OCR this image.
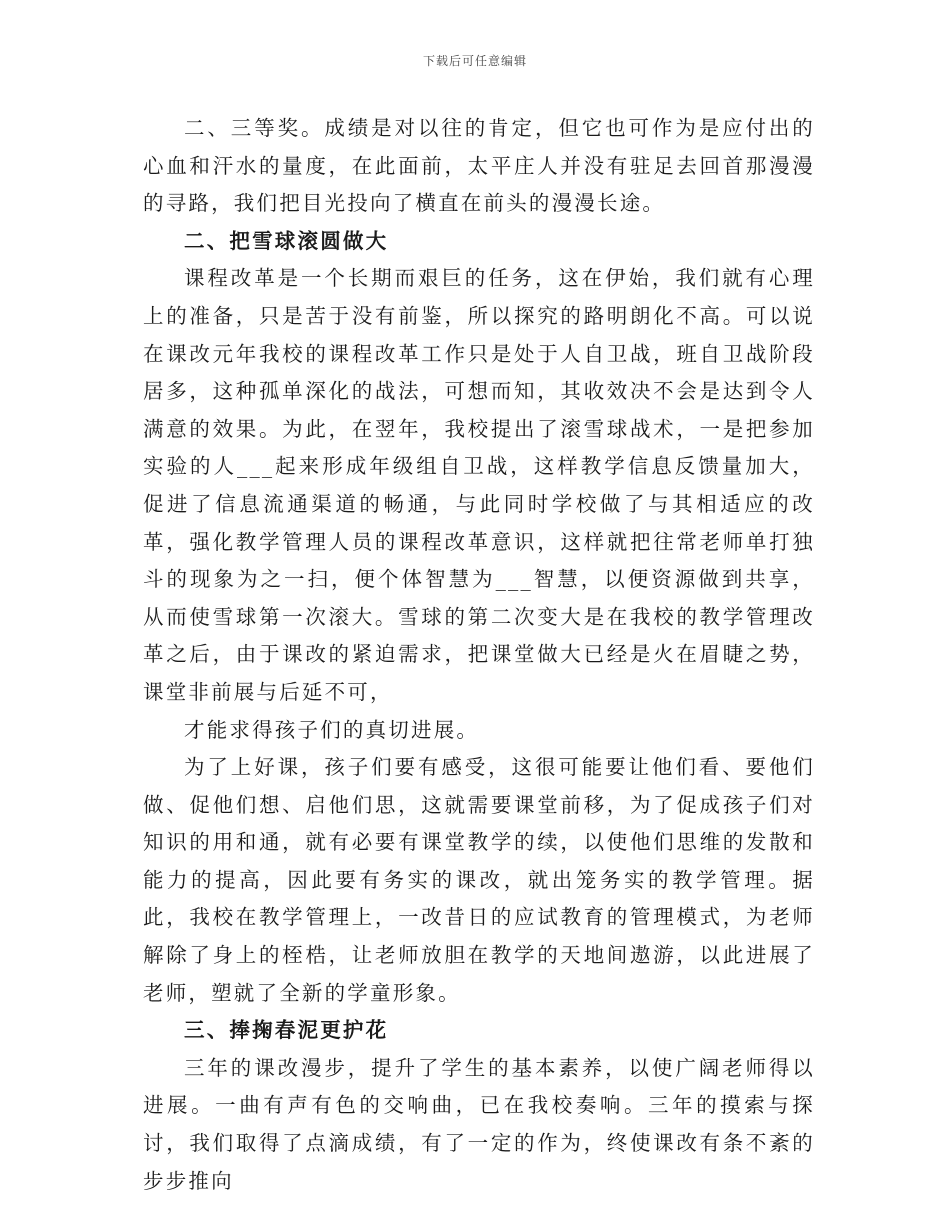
下载后可任意编辑

二、三等奖。成绩是对以往的肯定，但它也可作为是应付出的心血和汗水的量度，在此面前，太平庄人并没有驻足去回首那漫漫的寻路，我们把目光投向了横直在前头的漫漫长途。

二、把雪球滚圆做大

课程改革是一个长期而艰巨的任务，这在伊始，我们就有心理上的准备，只是苦于没有前鉴，所以探究的路明朗化不高。可以说在课改元年我校的课程改革工作只是处于人自卫战，班自卫战阶段居多，这种孤单深化的战法，可想而知，其收效决不会是达到令人满意的效果。为此，在翌年，我校提出了滚雪球战术，一是把参加实验的人___起来形成年级组自卫战，这样教学信息反馈量加大，促进了信息流通渠道的畅通，与此同时学校做了与其相适应的改革，强化教学管理人员的课程改革意识，这样就把往常老师单打独斗的现象为之一扫，便个体智慧为___智慧，以便资源做到共享，从而使雪球第一次滚大。雪球的第二次变大是在我校的教学管理改革之后，由于课改的紧迫需求，把课堂做大已经是火在眉睫之势，课堂非前展与后延不可，

才能求得孩子们的真切进展。

为了上好课，孩子们要有感受，这很可能要让他们看、要他们做、促他们想、启他们思，这就需要课堂前移，为了促成孩子们对知识的用和通，就有必要有课堂教学的续，以使他们思维的发散和能力的提高，因此要有务实的课改，就出笼务实的教学管理。据此，我校在教学管理上，一改昔日的应试教育的管理模式，为老师解除了身上的桎梏，让老师放胆在教学的天地间遨游，以此进展了老师，塑就了全新的学童形象。

三、捧掬春泥更护花

三年的课改漫步，提升了学生的基本素养，以使广阔老师得以进展。一曲有声有色的交响曲，已在我校奏响。三年的摸索与探讨，我们取得了点滴成绩，有了一定的作为，终使课改有条不紊的步步推向
